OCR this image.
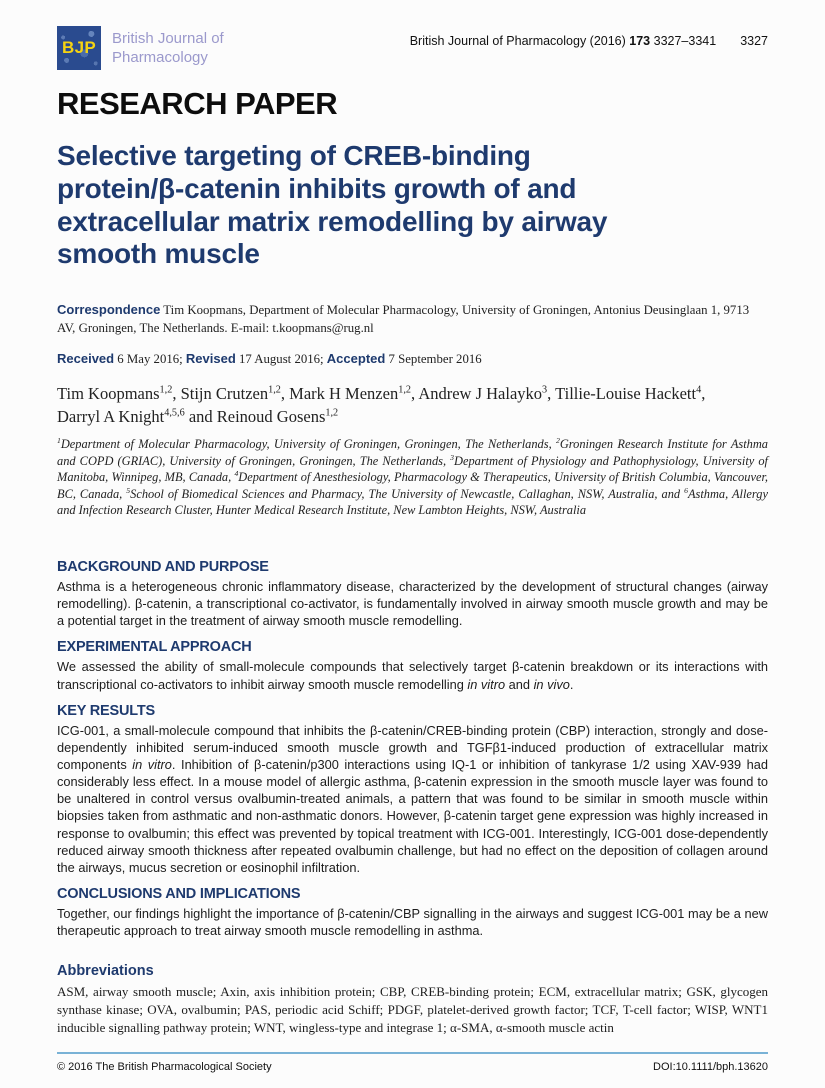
BJP British Journal of
Pharmacology
British Journal of Pharmacology (2016) 173 3327–3341 3327
RESEARCH PAPER
Selective targeting of CREB-binding
protein/β-catenin inhibits growth of and
extracellular matrix remodelling by airway
smooth muscle
Correspondence Tim Koopmans, Department of Molecular Pharmacology, University of Groningen, Antonius Deusinglaan 1, 9713 AV, Groningen, The Netherlands. E-mail: t.koopmans@rug.nl
Received 6 May 2016; Revised 17 August 2016; Accepted 7 September 2016
Tim Koopmans$^{1,2}$, Stijn Crutzen$^{1,2}$, Mark H Menzen$^{1,2}$, Andrew J Halayko$^3$, Tillie-Louise Hackett$^4$,
Darryl A Knight$^{4,5,6}$ and Reinoud Gosens$^{1,2}$
$^1$Department of Molecular Pharmacology, University of Groningen, Groningen, The Netherlands, $^2$Groningen Research Institute for Asthma and COPD (GRIAC), University of Groningen, Groningen, The Netherlands, $^3$Department of Physiology and Pathophysiology, University of Manitoba, Winnipeg, MB, Canada, $^4$Department of Anesthesiology, Pharmacology & Therapeutics, University of British Columbia, Vancouver, BC, Canada, $^5$School of Biomedical Sciences and Pharmacy, The University of Newcastle, Callaghan, NSW, Australia, and $^6$Asthma, Allergy and Infection Research Cluster, Hunter Medical Research Institute, New Lambton Heights, NSW, Australia
BACKGROUND AND PURPOSE
Asthma is a heterogeneous chronic inflammatory disease, characterized by the development of structural changes (airway remodelling). β-catenin, a transcriptional co-activator, is fundamentally involved in airway smooth muscle growth and may be a potential target in the treatment of airway smooth muscle remodelling.
EXPERIMENTAL APPROACH
We assessed the ability of small-molecule compounds that selectively target β-catenin breakdown or its interactions with transcriptional co-activators to inhibit airway smooth muscle remodelling in vitro and in vivo.
KEY RESULTS
ICG-001, a small-molecule compound that inhibits the β-catenin/CREB-binding protein (CBP) interaction, strongly and dose-dependently inhibited serum-induced smooth muscle growth and TGFβ1-induced production of extracellular matrix components in vitro. Inhibition of β-catenin/p300 interactions using IQ-1 or inhibition of tankyrase 1/2 using XAV-939 had considerably less effect. In a mouse model of allergic asthma, β-catenin expression in the smooth muscle layer was found to be unaltered in control versus ovalbumin-treated animals, a pattern that was found to be similar in smooth muscle within biopsies taken from asthmatic and non-asthmatic donors. However, β-catenin target gene expression was highly increased in response to ovalbumin; this effect was prevented by topical treatment with ICG-001. Interestingly, ICG-001 dose-dependently reduced airway smooth thickness after repeated ovalbumin challenge, but had no effect on the deposition of collagen around the airways, mucus secretion or eosinophil infiltration.
CONCLUSIONS AND IMPLICATIONS
Together, our findings highlight the importance of β-catenin/CBP signalling in the airways and suggest ICG-001 may be a new therapeutic approach to treat airway smooth muscle remodelling in asthma.
Abbreviations
ASM, airway smooth muscle; Axin, axis inhibition protein; CBP, CREB-binding protein; ECM, extracellular matrix; GSK, glycogen synthase kinase; OVA, ovalbumin; PAS, periodic acid Schiff; PDGF, platelet-derived growth factor; TCF, T-cell factor; WISP, WNT1 inducible signalling pathway protein; WNT, wingless-type and integrase 1; α-SMA, α-smooth muscle actin
© 2016 The British Pharmacological Society	DOI:10.1111/bph.13620
